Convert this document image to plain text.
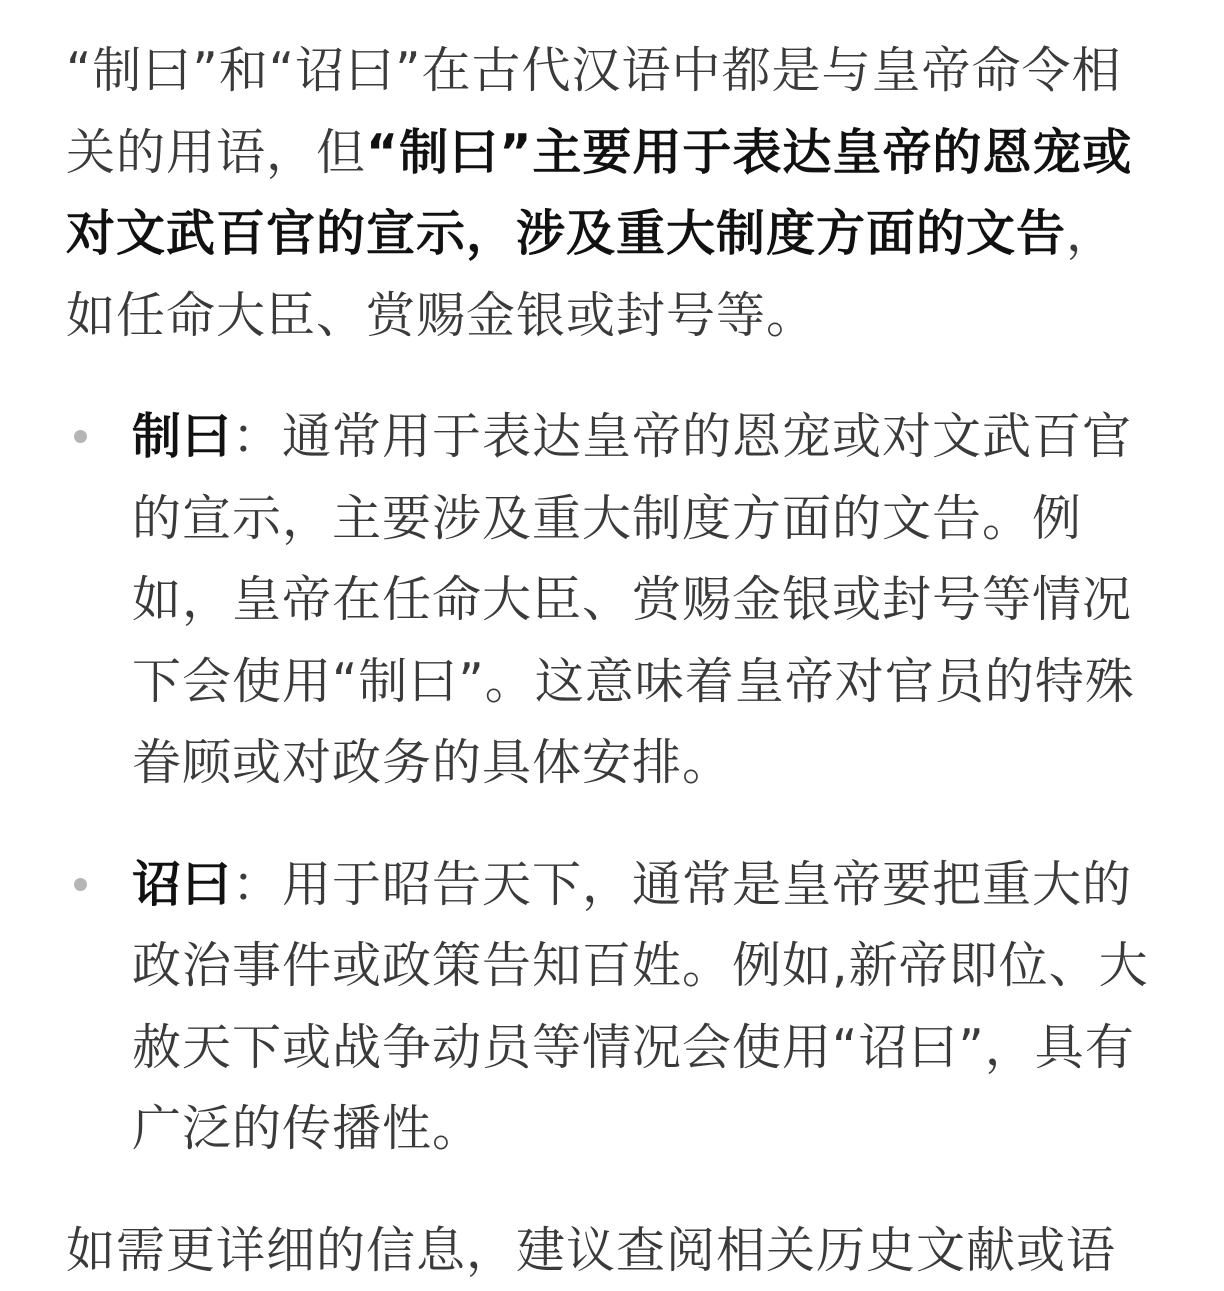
“制曰”和“诏曰”在古代汉语中都是与皇帝命令相关的用语，但“制曰”主要用于表达皇帝的恩宠或对文武百官的宣示，涉及重大制度方面的文告，如任命大臣、赏赐金银或封号等。

制曰：通常用于表达皇帝的恩宠或对文武百官的宣示，主要涉及重大制度方面的文告。例如，皇帝在任命大臣、赏赐金银或封号等情况下会使用“制曰”。这意味着皇帝对官员的特殊眷顾或对政务的具体安排。
诏曰：用于昭告天下，通常是皇帝要把重大的政治事件或政策告知百姓。例如,新帝即位、大赦天下或战争动员等情况会使用“诏曰”，具有广泛的传播性。

如需更详细的信息，建议查阅相关历史文献或语
